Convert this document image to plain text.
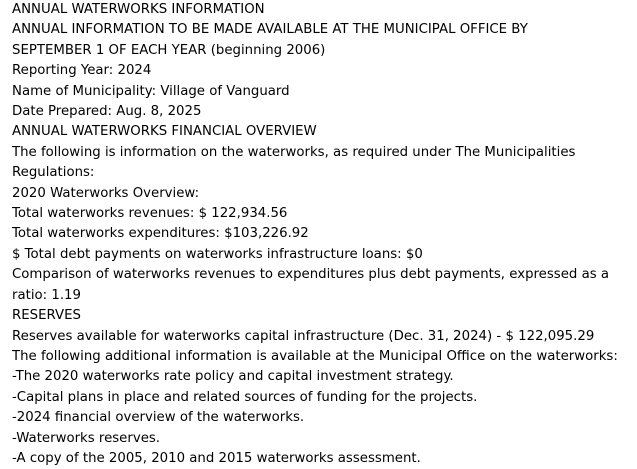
ANNUAL WATERWORKS INFORMATION

ANNUAL INFORMATION TO BE MADE AVAILABLE AT THE MUNICIPAL OFFICE BY SEPTEMBER 1 OF EACH YEAR (beginning 2006)

Reporting Year: 2024

Name of Municipality: Village of Vanguard

Date Prepared: Aug. 8, 2025

ANNUAL WATERWORKS FINANCIAL OVERVIEW

The following is information on the waterworks, as required under The Municipalities Regulations:

2020 Waterworks Overview:

Total waterworks revenues: $ 122,934.56

Total waterworks expenditures: $103,226.92

$ Total debt payments on waterworks infrastructure loans: $0

Comparison of waterworks revenues to expenditures plus debt payments, expressed as a ratio: 1.19

RESERVES

Reserves available for waterworks capital infrastructure (Dec. 31, 2024) - $ 122,095.29

The following additional information is available at the Municipal Office on the waterworks:

-The 2020 waterworks rate policy and capital investment strategy.

-Capital plans in place and related sources of funding for the projects.

-2024 financial overview of the waterworks.

-Waterworks reserves.

-A copy of the 2005, 2010 and 2015 waterworks assessment.
